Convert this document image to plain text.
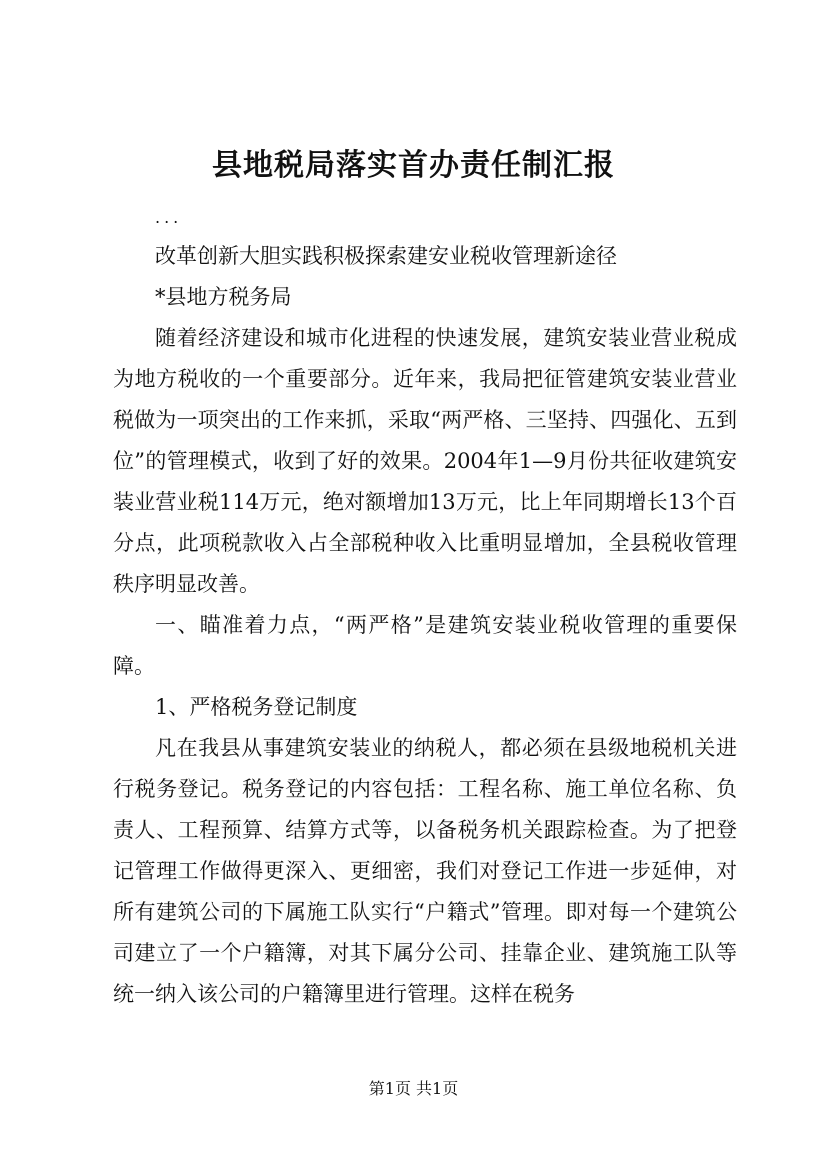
县地税局落实首办责任制汇报
...

改革创新大胆实践积极探索建安业税收管理新途径

*县地方税务局

随着经济建设和城市化进程的快速发展，建筑安装业营业税成为地方税收的一个重要部分。近年来，我局把征管建筑安装业营业税做为一项突出的工作来抓，采取“两严格、三坚持、四强化、五到位”的管理模式，收到了好的效果。2004年1—9月份共征收建筑安装业营业税114万元，绝对额增加13万元，比上年同期增长13个百分点，此项税款收入占全部税种收入比重明显增加，全县税收管理秩序明显改善。

一、瞄准着力点，“两严格”是建筑安装业税收管理的重要保障。

1、严格税务登记制度

凡在我县从事建筑安装业的纳税人，都必须在县级地税机关进行税务登记。税务登记的内容包括：工程名称、施工单位名称、负责人、工程预算、结算方式等，以备税务机关跟踪检查。为了把登记管理工作做得更深入、更细密，我们对登记工作进一步延伸，对所有建筑公司的下属施工队实行“户籍式”管理。即对每一个建筑公司建立了一个户籍簿，对其下属分公司、挂靠企业、建筑施工队等统一纳入该公司的户籍簿里进行管理。这样在税务

第1页 共1页
